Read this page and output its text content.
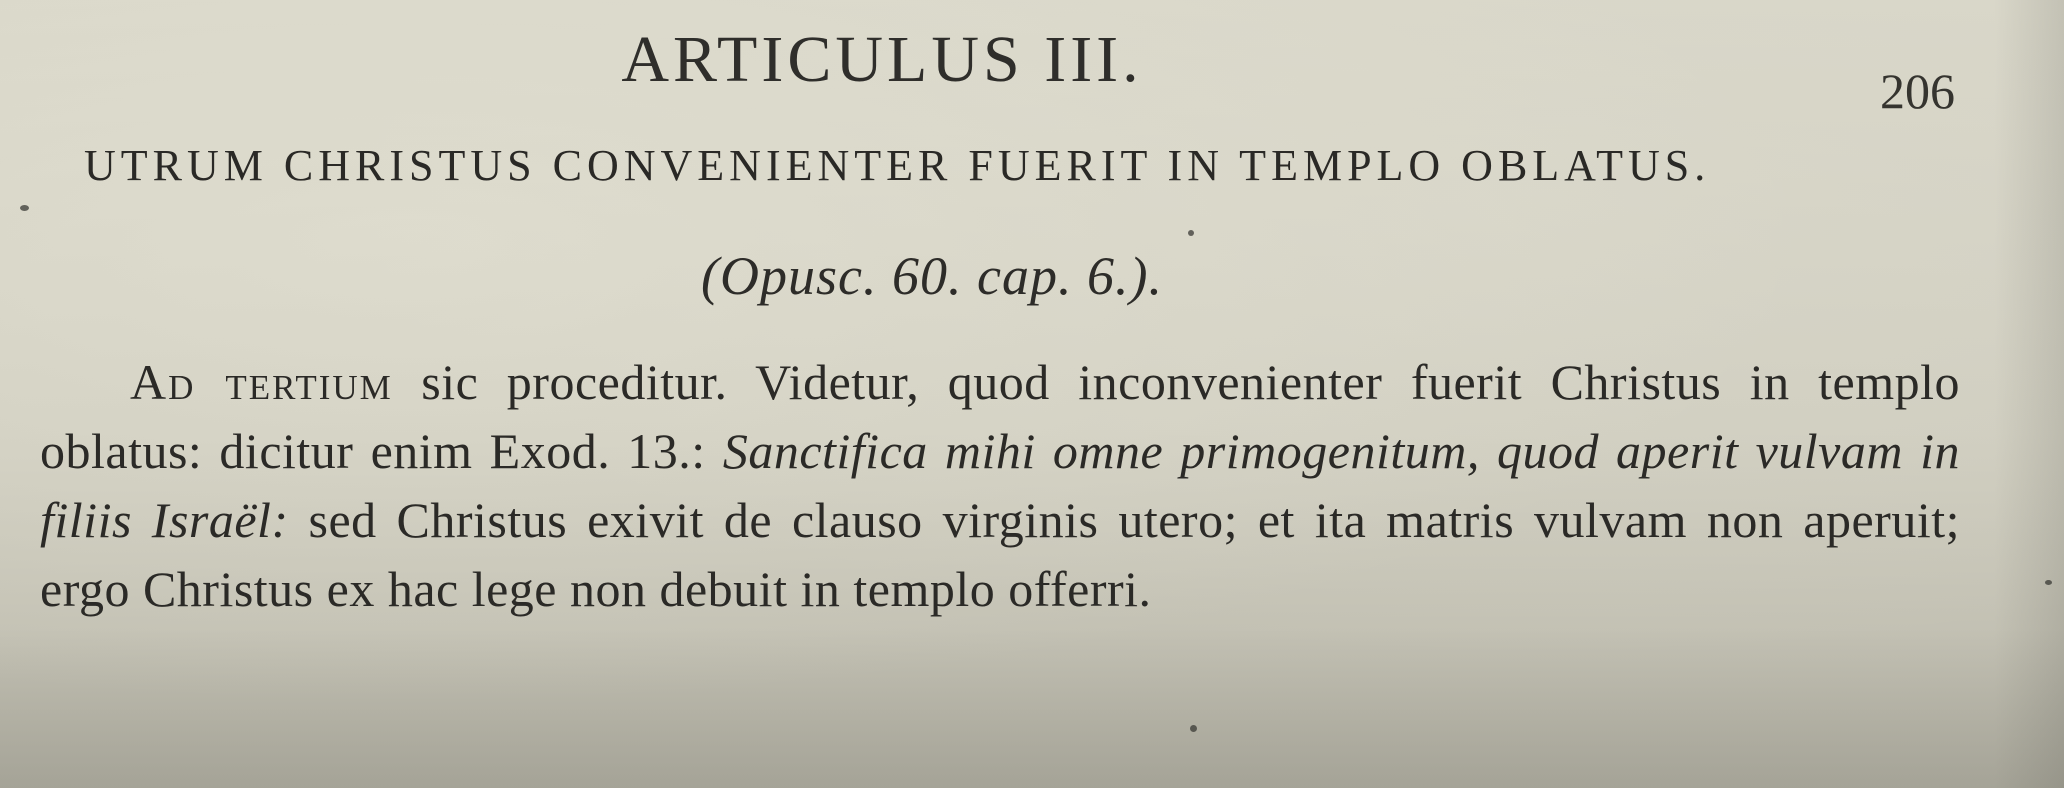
ARTICULUS III.	206
UTRUM CHRISTUS CONVENIENTER FUERIT IN TEMPLO OBLATUS.
(Opusc. 60. cap. 6.).
Ad tertium sic proceditur. Videtur, quod inconvenienter fuerit Christus in templo oblatus: dicitur enim Exod. 13.: Sanctifica mihi omne primogenitum, quod aperit vulvam in filiis Israël: sed Christus exivit de clauso virginis utero; et ita matris vulvam non aperuit; ergo Christus ex hac lege non debuit in templo offerri.
